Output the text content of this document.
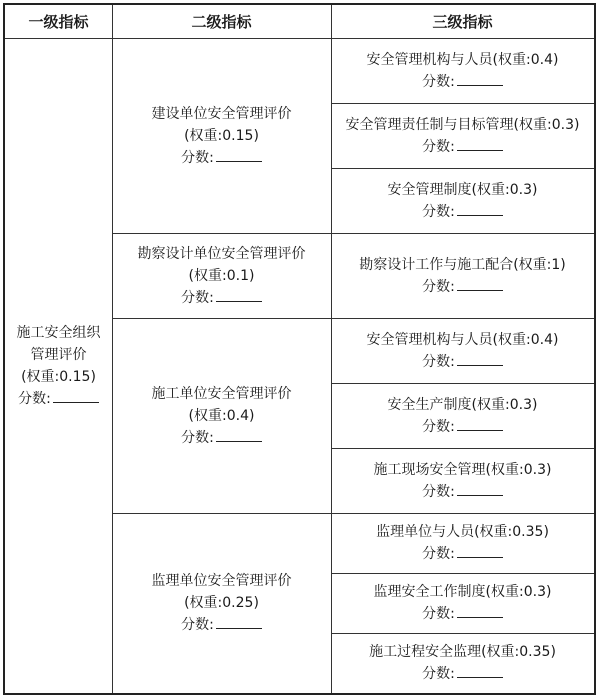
一级指标	二级指标	三级指标
施工安全组织
管理评价
(权重:0.15)
分数:
建设单位安全管理评价
(权重:0.15)
分数:
勘察设计单位安全管理评价
(权重:0.1)
分数:
施工单位安全管理评价
(权重:0.4)
分数:
监理单位安全管理评价
(权重:0.25)
分数:
安全管理机构与人员(权重:0.4)
分数:
安全管理责任制与目标管理(权重:0.3)
分数:
安全管理制度(权重:0.3)
分数:
勘察设计工作与施工配合(权重:1)
分数:
安全管理机构与人员(权重:0.4)
分数:
安全生产制度(权重:0.3)
分数:
施工现场安全管理(权重:0.3)
分数:
监理单位与人员(权重:0.35)
分数:
监理安全工作制度(权重:0.3)
分数:
施工过程安全监理(权重:0.35)
分数:
